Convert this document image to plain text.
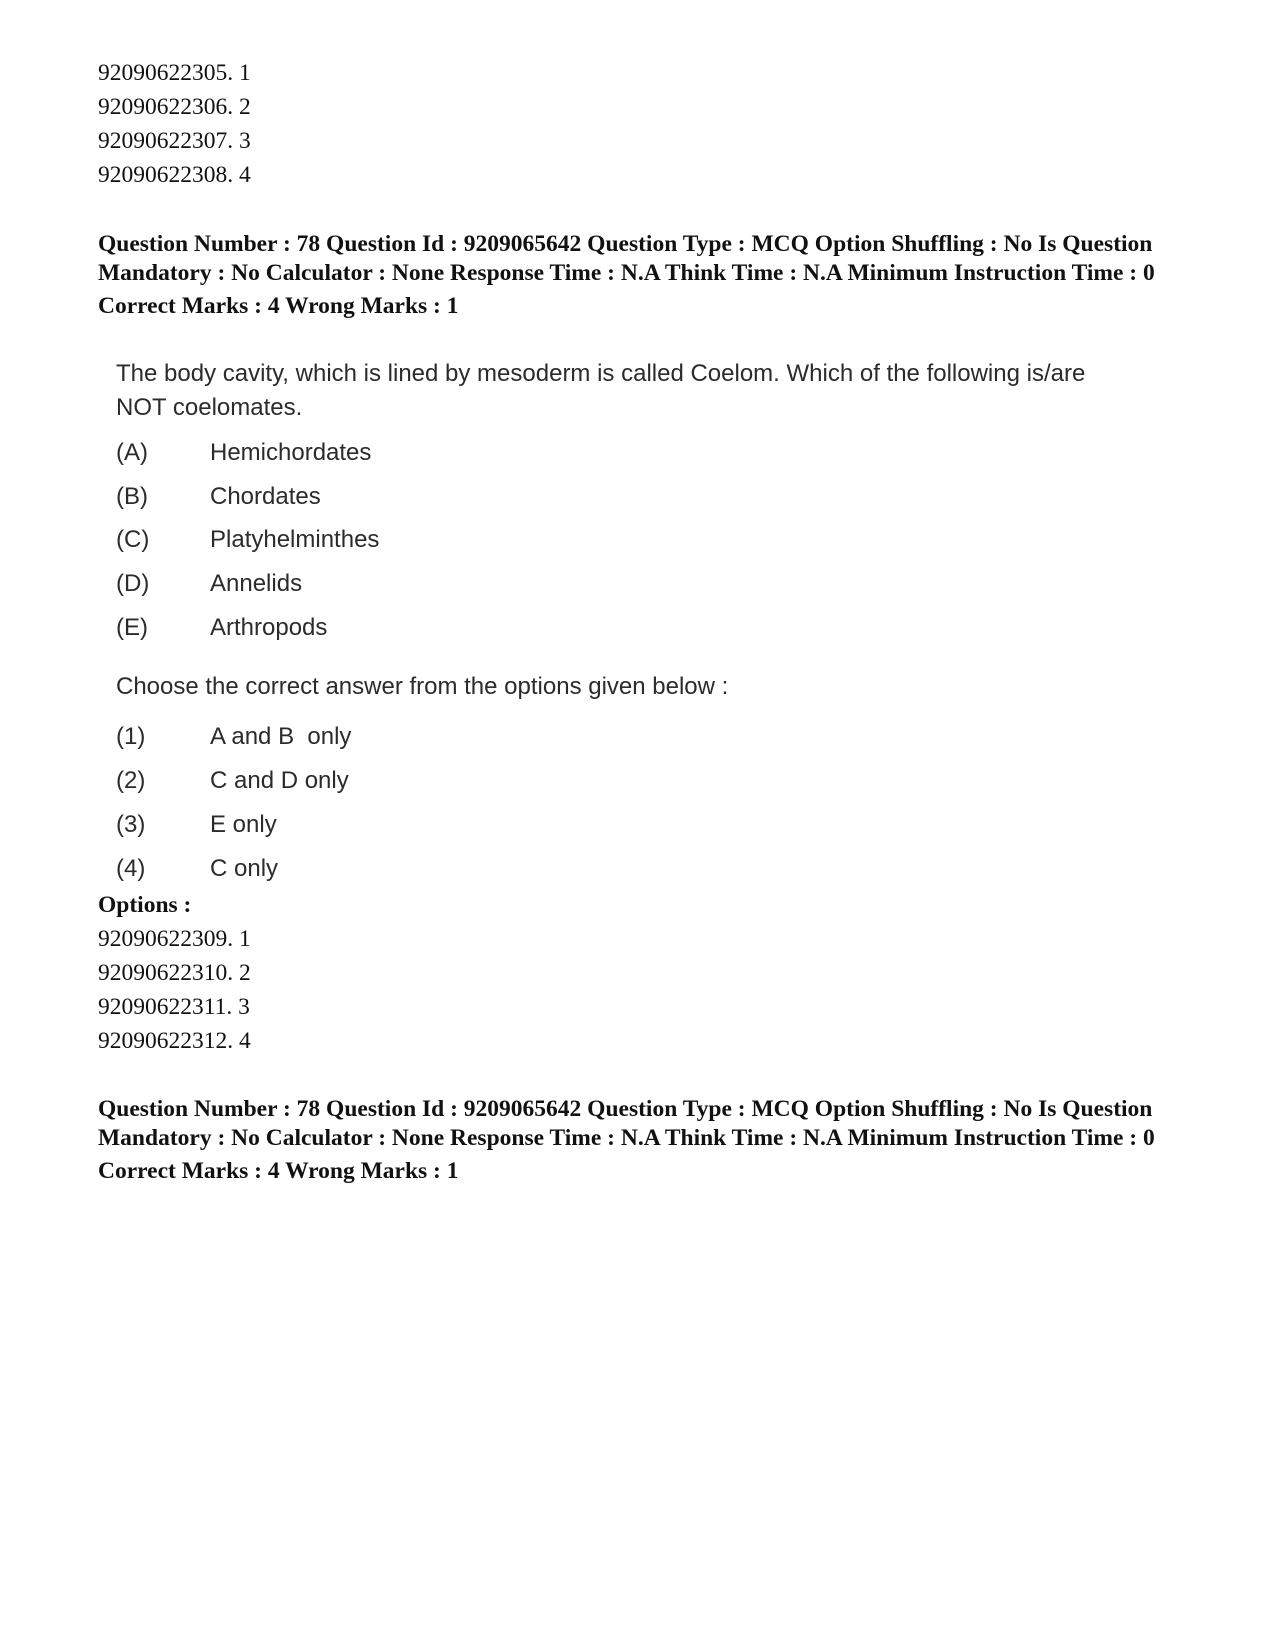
92090622305. 1
92090622306. 2
92090622307. 3
92090622308. 4
Question Number : 78 Question Id : 9209065642 Question Type : MCQ Option Shuffling : No Is Question Mandatory : No Calculator : None Response Time : N.A Think Time : N.A Minimum Instruction Time : 0
Correct Marks : 4 Wrong Marks : 1
The body cavity, which is lined by mesoderm is called Coelom. Which of the following is/are NOT coelomates.
(A)	Hemichordates
(B)	Chordates
(C)	Platyhelminthes
(D)	Annelids
(E)	Arthropods
Choose the correct answer from the options given below :
(1)	A and B  only
(2)	C and D only
(3)	E only
(4)	C only
Options :
92090622309. 1
92090622310. 2
92090622311. 3
92090622312. 4
Question Number : 78 Question Id : 9209065642 Question Type : MCQ Option Shuffling : No Is Question Mandatory : No Calculator : None Response Time : N.A Think Time : N.A Minimum Instruction Time : 0
Correct Marks : 4 Wrong Marks : 1
